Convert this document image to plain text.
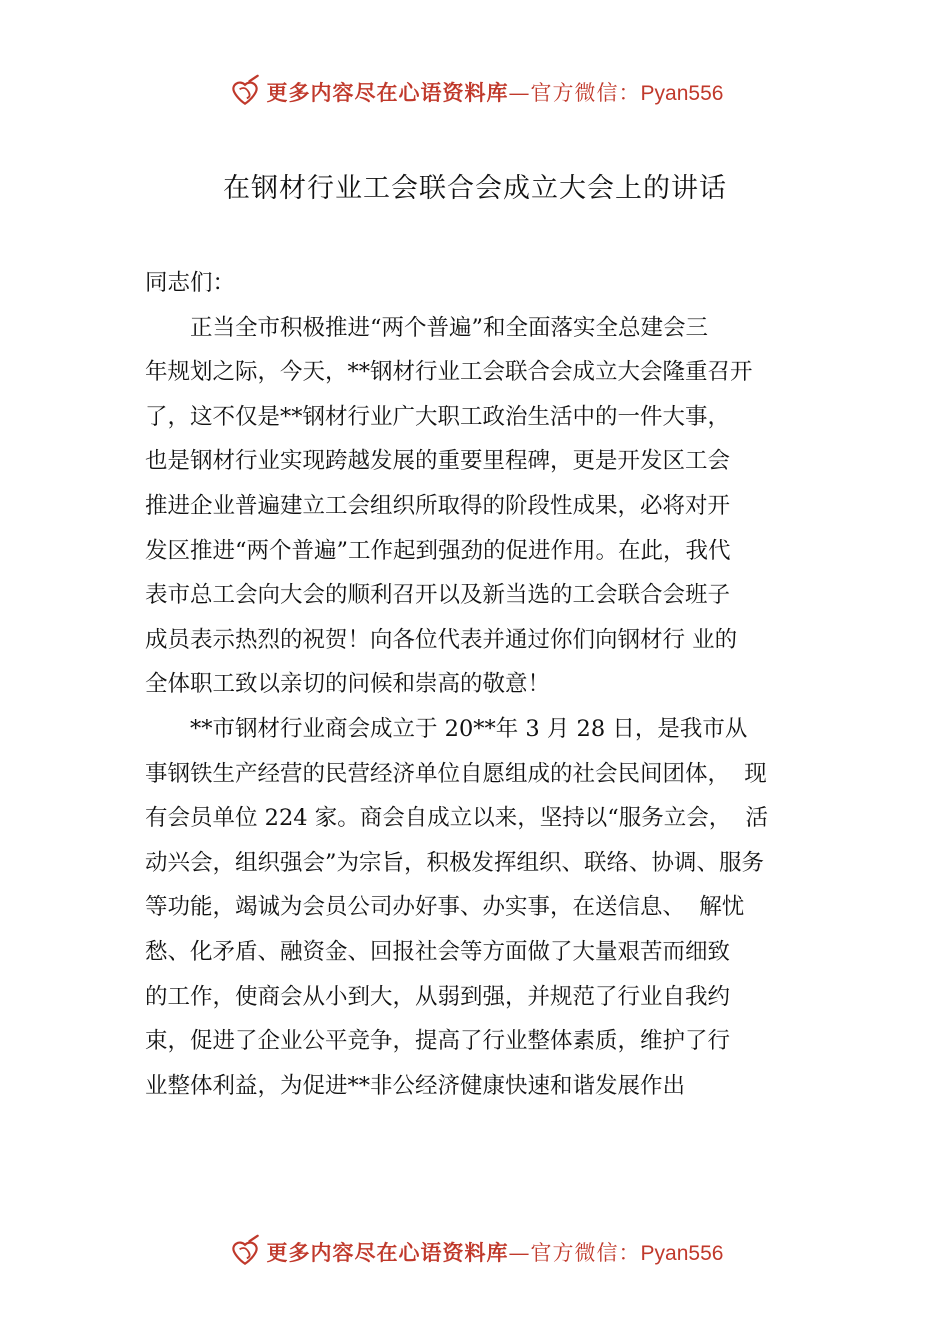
更多内容尽在心语资料库—官方微信：Pyan556
在钢材行业工会联合会成立大会上的讲话
同志们：
正当全市积极推进“两个普遍”和全面落实全总建会三
年规划之际，今天，**钢材行业工会联合会成立大会隆重召开
了，这不仅是**钢材行业广大职工政治生活中的一件大事，
也是钢材行业实现跨越发展的重要里程碑，更是开发区工会
推进企业普遍建立工会组织所取得的阶段性成果，必将对开
发区推进“两个普遍”工作起到强劲的促进作用。在此，我代
表市总工会向大会的顺利召开以及新当选的工会联合会班子
成员表示热烈的祝贺！向各位代表并通过你们向钢材行 业的
全体职工致以亲切的问候和崇高的敬意！
**市钢材行业商会成立于 20**年 3 月 28 日，是我市从
事钢铁生产经营的民营经济单位自愿组成的社会民间团体，  现
有会员单位 224 家。商会自成立以来，坚持以“服务立会，  活
动兴会，组织强会”为宗旨，积极发挥组织、联络、协调、服务
等功能，竭诚为会员公司办好事、办实事，在送信息、  解忧
愁、化矛盾、融资金、回报社会等方面做了大量艰苦而细致
的工作，使商会从小到大，从弱到强，并规范了行业自我约
束，促进了企业公平竞争，提高了行业整体素质，维护了行
业整体利益，为促进**非公经济健康快速和谐发展作出
更多内容尽在心语资料库—官方微信：Pyan556
